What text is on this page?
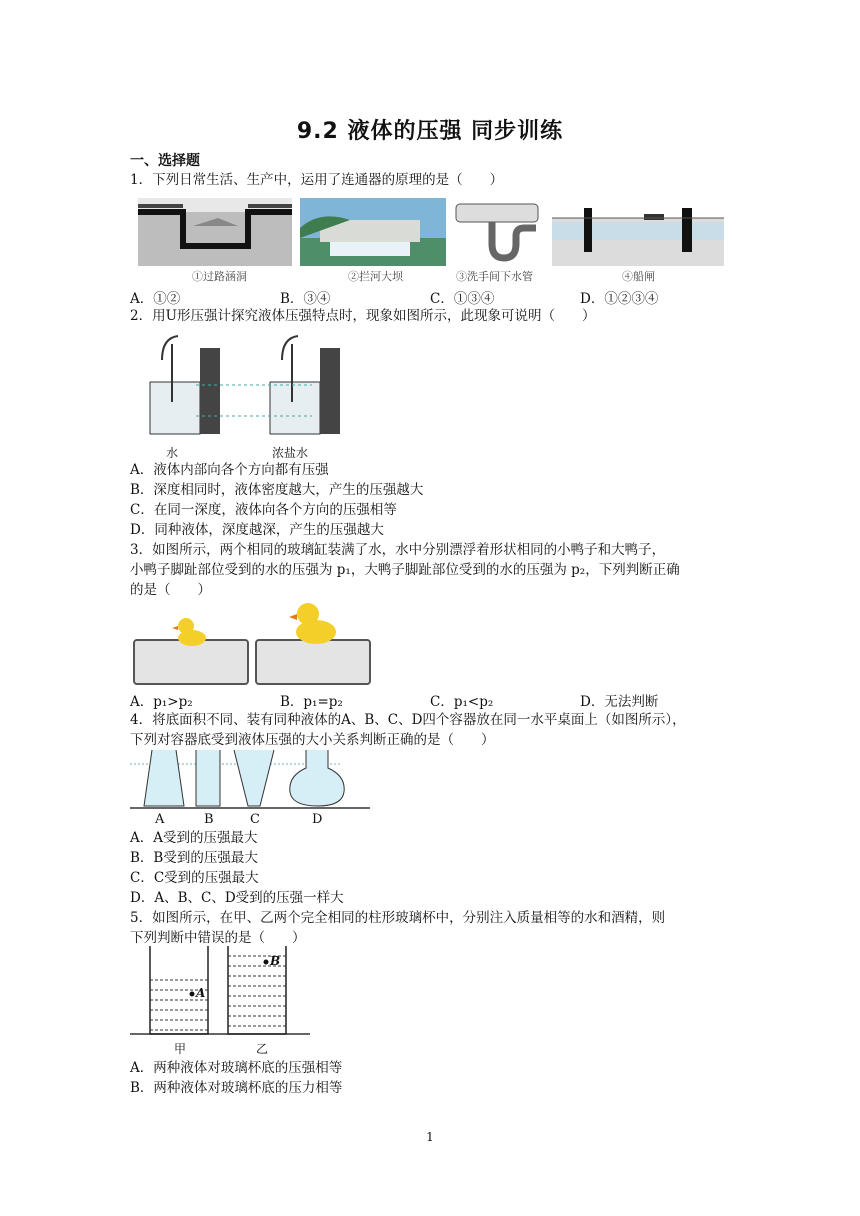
9.2 液体的压强 同步训练
一、选择题
1．下列日常生活、生产中，运用了连通器的原理的是（　　）
①过路涵洞	②拦河大坝	③洗手间下水管	④船闸
A．①②	B．③④	C．①③④	D．①②③④
2．用U形压强计探究液体压强特点时，现象如图所示，此现象可说明（　　）
水	浓盐水
A．液体内部向各个方向都有压强
B．深度相同时，液体密度越大，产生的压强越大
C．在同一深度，液体向各个方向的压强相等
D．同种液体，深度越深，产生的压强越大
3．如图所示，两个相同的玻璃缸装满了水，水中分别漂浮着形状相同的小鸭子和大鸭子，
小鸭子脚趾部位受到的水的压强为 p₁，大鸭子脚趾部位受到的水的压强为 p₂，下列判断正确
的是（　　）
A．p₁>p₂	B．p₁=p₂	C．p₁<p₂	D．无法判断
4．将底面积不同、装有同种液体的A、B、C、D四个容器放在同一水平桌面上（如图所示），
下列对容器底受到液体压强的大小关系判断正确的是（　　）
A	B	C	D
A．A受到的压强最大
B．B受到的压强最大
C．C受到的压强最大
D．A、B、C、D受到的压强一样大
5．如图所示，在甲、乙两个完全相同的柱形玻璃杯中，分别注入质量相等的水和酒精，则
下列判断中错误的是（　　）
A
B
甲	乙
A．两种液体对玻璃杯底的压强相等
B．两种液体对玻璃杯底的压力相等
1
